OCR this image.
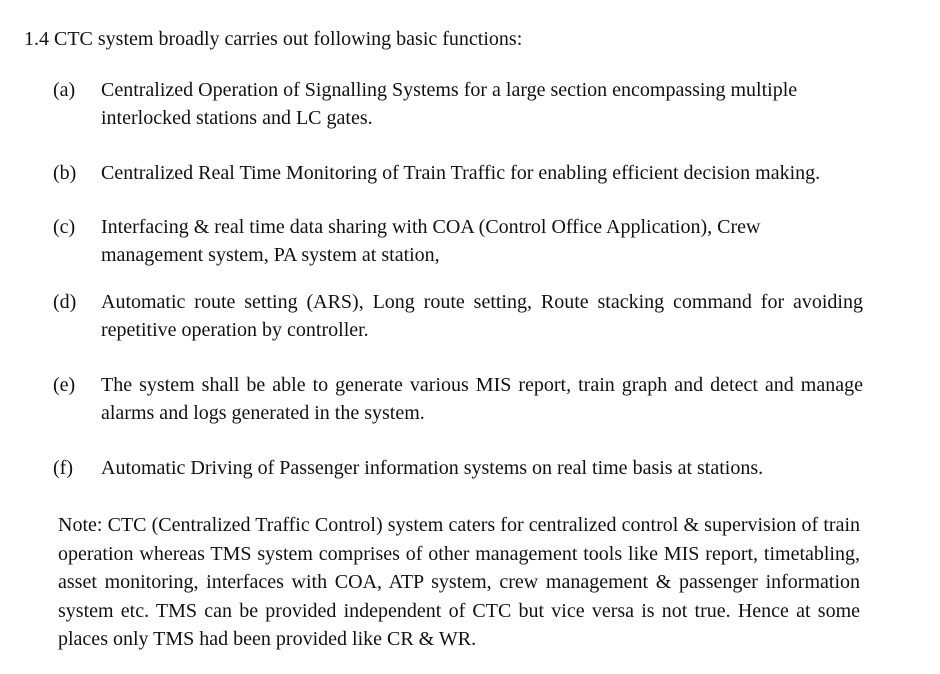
1.4 CTC system broadly carries out following basic functions:
(a) Centralized Operation of Signalling Systems for a large section encompassing multiple interlocked stations and LC gates.
(b) Centralized Real Time Monitoring of Train Traffic for enabling efficient decision making.
(c) Interfacing & real time data sharing with COA (Control Office Application), Crew management system, PA system at station,
(d) Automatic route setting (ARS), Long route setting, Route stacking command for avoiding repetitive operation by controller.
(e) The system shall be able to generate various MIS report, train graph and detect and manage alarms and logs generated in the system.
(f) Automatic Driving of Passenger information systems on real time basis at stations.
Note: CTC (Centralized Traffic Control) system caters for centralized control & supervision of train operation whereas TMS system comprises of other management tools like MIS report, timetabling, asset monitoring, interfaces with COA, ATP system, crew management & passenger information system etc. TMS can be provided independent of CTC but vice versa is not true. Hence at some places only TMS had been provided like CR & WR.
